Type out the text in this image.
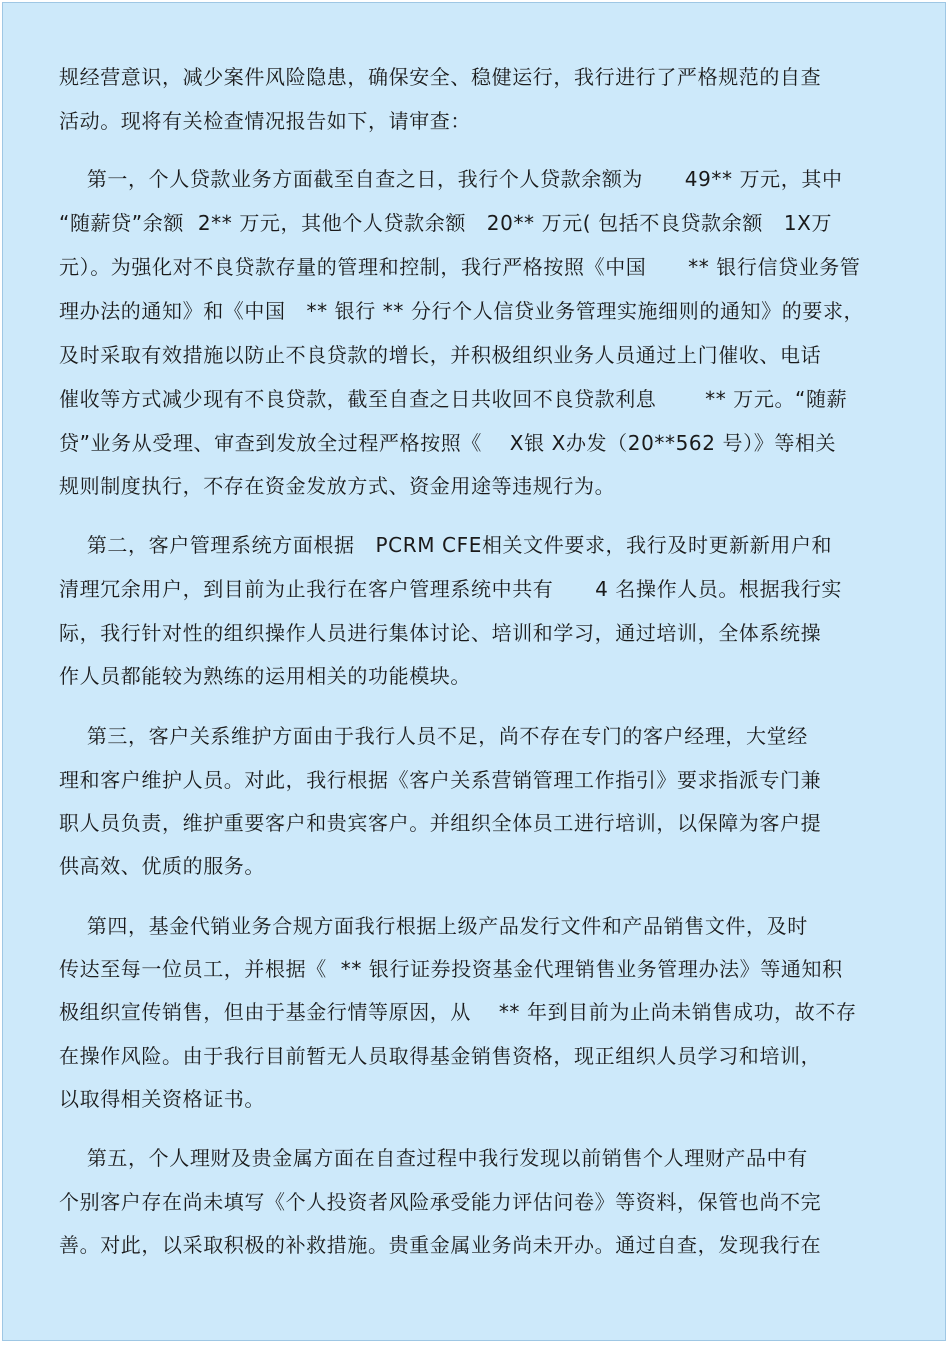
规经营意识，减少案件风险隐患，确保安全、稳健运行，我行进行了严格规范的自查
活动。现将有关检查情况报告如下，请审查：
第一，个人贷款业务方面截至自查之日，我行个人贷款余额为      49** 万元，其中
“随薪贷”余额  2** 万元，其他个人贷款余额   20** 万元( 包括不良贷款余额   1X万
元）。为强化对不良贷款存量的管理和控制，我行严格按照《中国      ** 银行信贷业务管
理办法的通知》和《中国   ** 银行 ** 分行个人信贷业务管理实施细则的通知》的要求，
及时采取有效措施以防止不良贷款的增长，并积极组织业务人员通过上门催收、电话
催收等方式减少现有不良贷款，截至自查之日共收回不良贷款利息       ** 万元。“随薪
贷”业务从受理、审查到发放全过程严格按照《    X银 X办发（20**562 号）》等相关
规则制度执行，不存在资金发放方式、资金用途等违规行为。
第二，客户管理系统方面根据   PCRM CFE相关文件要求，我行及时更新新用户和
清理冗余用户，到目前为止我行在客户管理系统中共有      4 名操作人员。根据我行实
际，我行针对性的组织操作人员进行集体讨论、培训和学习，通过培训，全体系统操
作人员都能较为熟练的运用相关的功能模块。
第三，客户关系维护方面由于我行人员不足，尚不存在专门的客户经理，大堂经
理和客户维护人员。对此，我行根据《客户关系营销管理工作指引》要求指派专门兼
职人员负责，维护重要客户和贵宾客户。并组织全体员工进行培训，以保障为客户提
供高效、优质的服务。
第四，基金代销业务合规方面我行根据上级产品发行文件和产品销售文件，及时
传达至每一位员工，并根据《  ** 银行证券投资基金代理销售业务管理办法》等通知积
极组织宣传销售，但由于基金行情等原因，从    ** 年到目前为止尚未销售成功，故不存
在操作风险。由于我行目前暂无人员取得基金销售资格，现正组织人员学习和培训，
以取得相关资格证书。
第五，个人理财及贵金属方面在自查过程中我行发现以前销售个人理财产品中有
个别客户存在尚未填写《个人投资者风险承受能力评估问卷》等资料，保管也尚不完
善。对此，以采取积极的补救措施。贵重金属业务尚未开办。通过自查，发现我行在
